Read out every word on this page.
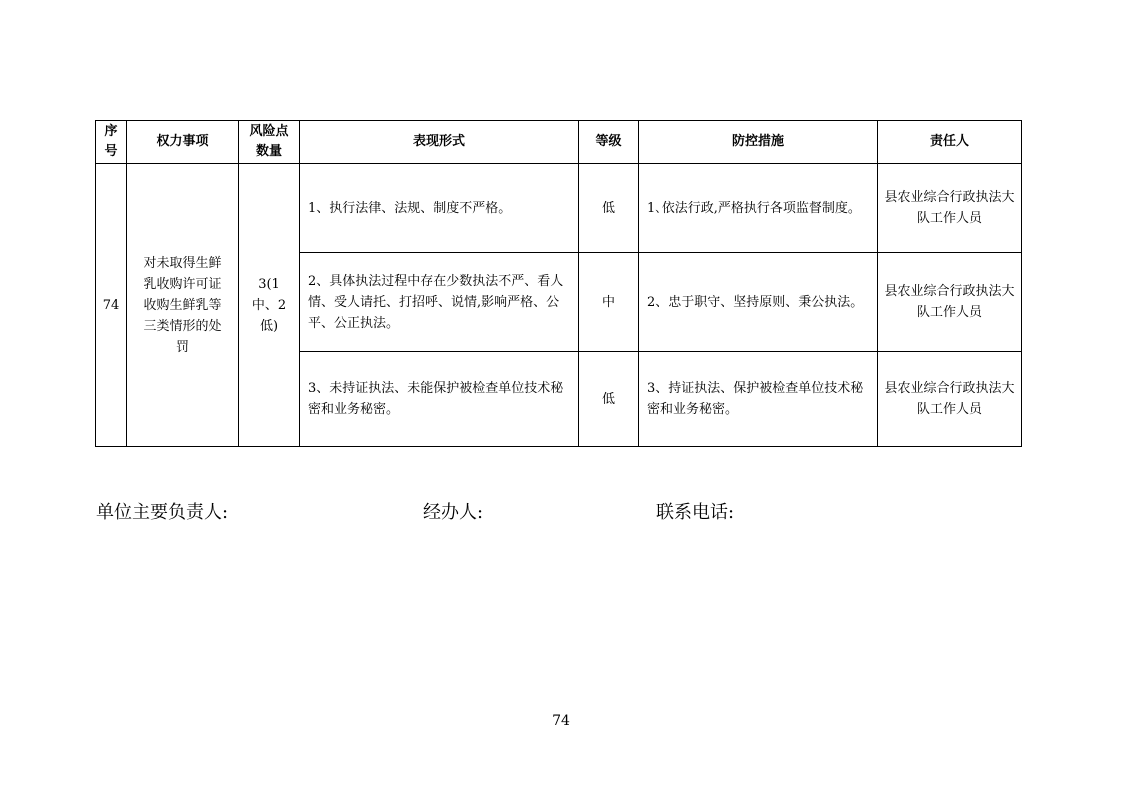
序号	权力事项	风险点数量	表现形式	等级	防控措施	责任人
74	对未取得生鲜乳收购许可证收购生鲜乳等三类情形的处罚	3(1中、2低)	1、执行法律、法规、制度不严格。	低	1､依法行政,严格执行各项监督制度。	县农业综合行政执法大队工作人员

			2、具体执法过程中存在少数执法不严、看人情、受人请托、打招呼、说情,影响严格、公平、公正执法。	中	2、忠于职守、坚持原则、秉公执法。	县农业综合行政执法大队工作人员

			3、未持证执法、未能保护被检查单位技术秘密和业务秘密。	低	3、持证执法、保护被检查单位技术秘密和业务秘密。	县农业综合行政执法大队工作人员
单位主要负责人:	经办人:	联系电话:
74
